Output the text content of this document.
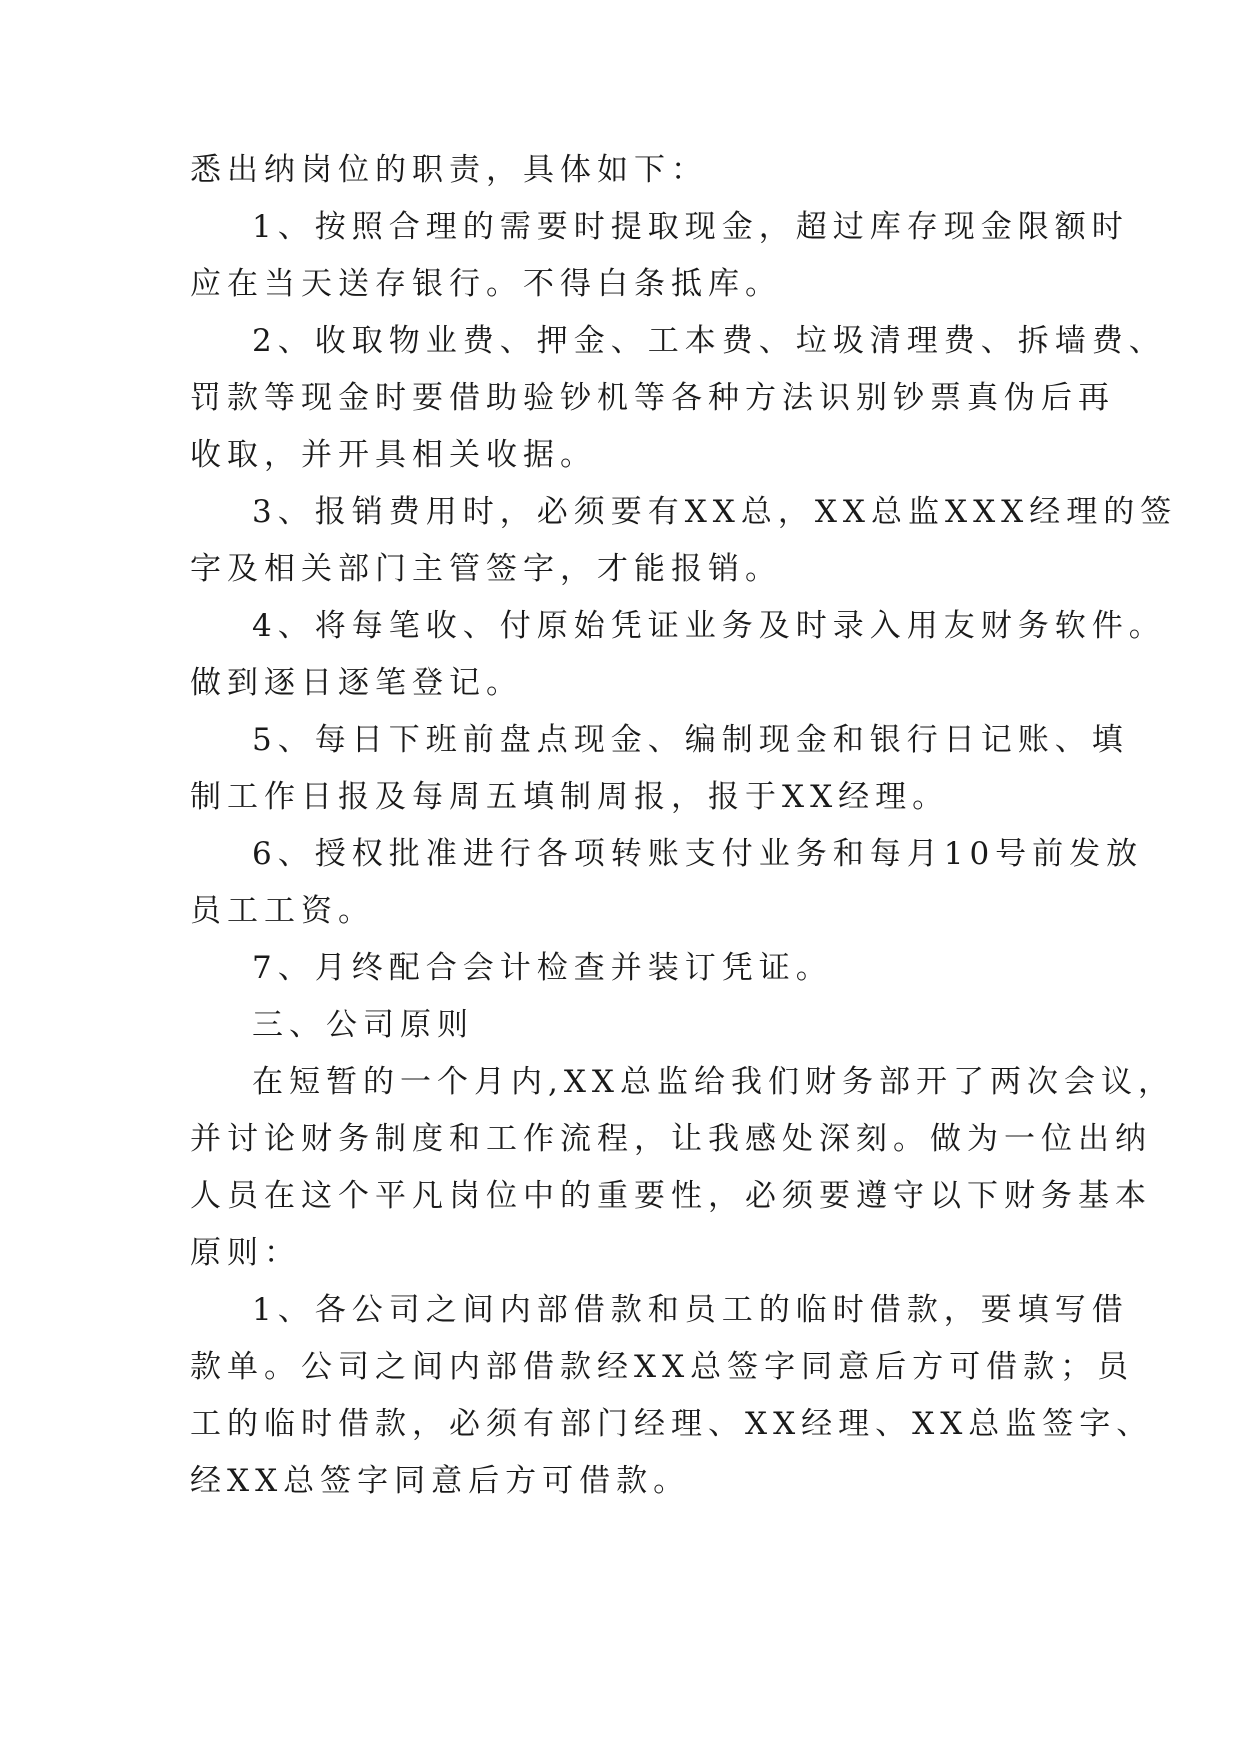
悉出纳岗位的职责，具体如下：
1、按照合理的需要时提取现金，超过库存现金限额时
应在当天送存银行。不得白条抵库。
2、收取物业费、押金、工本费、垃圾清理费、拆墙费、
罚款等现金时要借助验钞机等各种方法识别钞票真伪后再
收取，并开具相关收据。
3、报销费用时，必须要有XX总，XX总监XXX经理的签
字及相关部门主管签字，才能报销。
4、将每笔收、付原始凭证业务及时录入用友财务软件。
做到逐日逐笔登记。
5、每日下班前盘点现金、编制现金和银行日记账、填
制工作日报及每周五填制周报，报于XX经理。
6、授权批准进行各项转账支付业务和每月10号前发放
员工工资。
7、月终配合会计检查并装订凭证。
三、公司原则
在短暂的一个月内,XX总监给我们财务部开了两次会议，
并讨论财务制度和工作流程，让我感处深刻。做为一位出纳
人员在这个平凡岗位中的重要性，必须要遵守以下财务基本
原则：
1、各公司之间内部借款和员工的临时借款，要填写借
款单。公司之间内部借款经XX总签字同意后方可借款；员
工的临时借款，必须有部门经理、XX经理、XX总监签字、
经XX总签字同意后方可借款。
